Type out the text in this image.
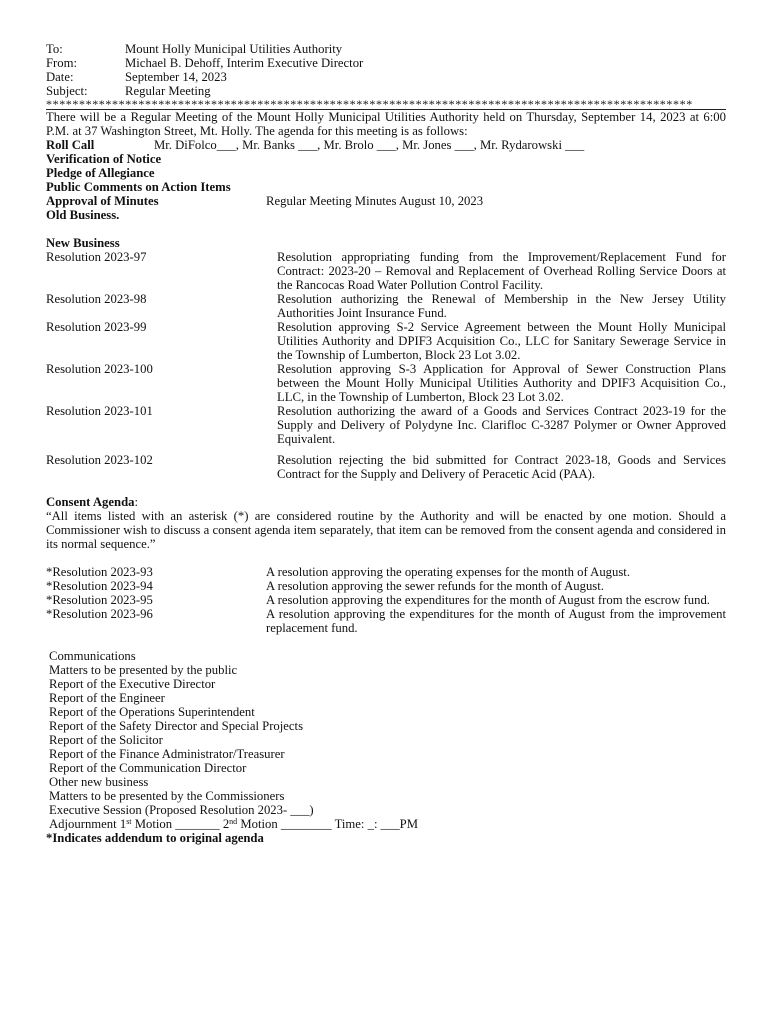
To:	Mount Holly Municipal Utilities Authority
From:	Michael B. Dehoff, Interim Executive Director
Date:	September 14, 2023
Subject:	Regular Meeting
**************************************************************************************************
There will be a Regular Meeting of the Mount Holly Municipal Utilities Authority held on Thursday, September 14, 2023 at 6:00 P.M. at 37 Washington Street, Mt. Holly. The agenda for this meeting is as follows:
Roll Call	Mr. DiFolco___, Mr. Banks ___, Mr. Brolo ___, Mr. Jones ___, Mr. Rydarowski ___
Verification of Notice
Pledge of Allegiance
Public Comments on Action Items
Approval of Minutes	Regular Meeting Minutes August 10, 2023
Old Business.
New Business
Resolution 2023-97	Resolution appropriating funding from the Improvement/Replacement Fund for Contract: 2023-20 – Removal and Replacement of Overhead Rolling Service Doors at the Rancocas Road Water Pollution Control Facility.
Resolution 2023-98	Resolution authorizing the Renewal of Membership in the New Jersey Utility Authorities Joint Insurance Fund.
Resolution 2023-99	Resolution approving S-2 Service Agreement between the Mount Holly Municipal Utilities Authority and DPIF3 Acquisition Co., LLC for Sanitary Sewerage Service in the Township of Lumberton, Block 23 Lot 3.02.
Resolution 2023-100	Resolution approving S-3 Application for Approval of Sewer Construction Plans between the Mount Holly Municipal Utilities Authority and DPIF3 Acquisition Co., LLC, in the Township of Lumberton, Block 23 Lot 3.02.
Resolution 2023-101	Resolution authorizing the award of a Goods and Services Contract 2023-19 for the Supply and Delivery of Polydyne Inc. Clarifloc C-3287 Polymer or Owner Approved Equivalent.
Resolution 2023-102	Resolution rejecting the bid submitted for Contract 2023-18, Goods and Services Contract for the Supply and Delivery of Peracetic Acid (PAA).
Consent Agenda:
“All items listed with an asterisk (*) are considered routine by the Authority and will be enacted by one motion. Should a Commissioner wish to discuss a consent agenda item separately, that item can be removed from the consent agenda and considered in its normal sequence.”
*Resolution 2023-93	A resolution approving the operating expenses for the month of August.
*Resolution 2023-94	A resolution approving the sewer refunds for the month of August.
*Resolution 2023-95	A resolution approving the expenditures for the month of August from the escrow fund.
*Resolution 2023-96	A resolution approving the expenditures for the month of August from the improvement replacement fund.
Communications
Matters to be presented by the public
Report of the Executive Director
Report of the Engineer
Report of the Operations Superintendent
Report of the Safety Director and Special Projects
Report of the Solicitor
Report of the Finance Administrator/Treasurer
Report of the Communication Director
Other new business
Matters to be presented by the Commissioners
Executive Session (Proposed Resolution 2023- ___)
Adjournment 1st Motion _______ 2nd Motion ________ Time: _: ___PM
*Indicates addendum to original agenda
